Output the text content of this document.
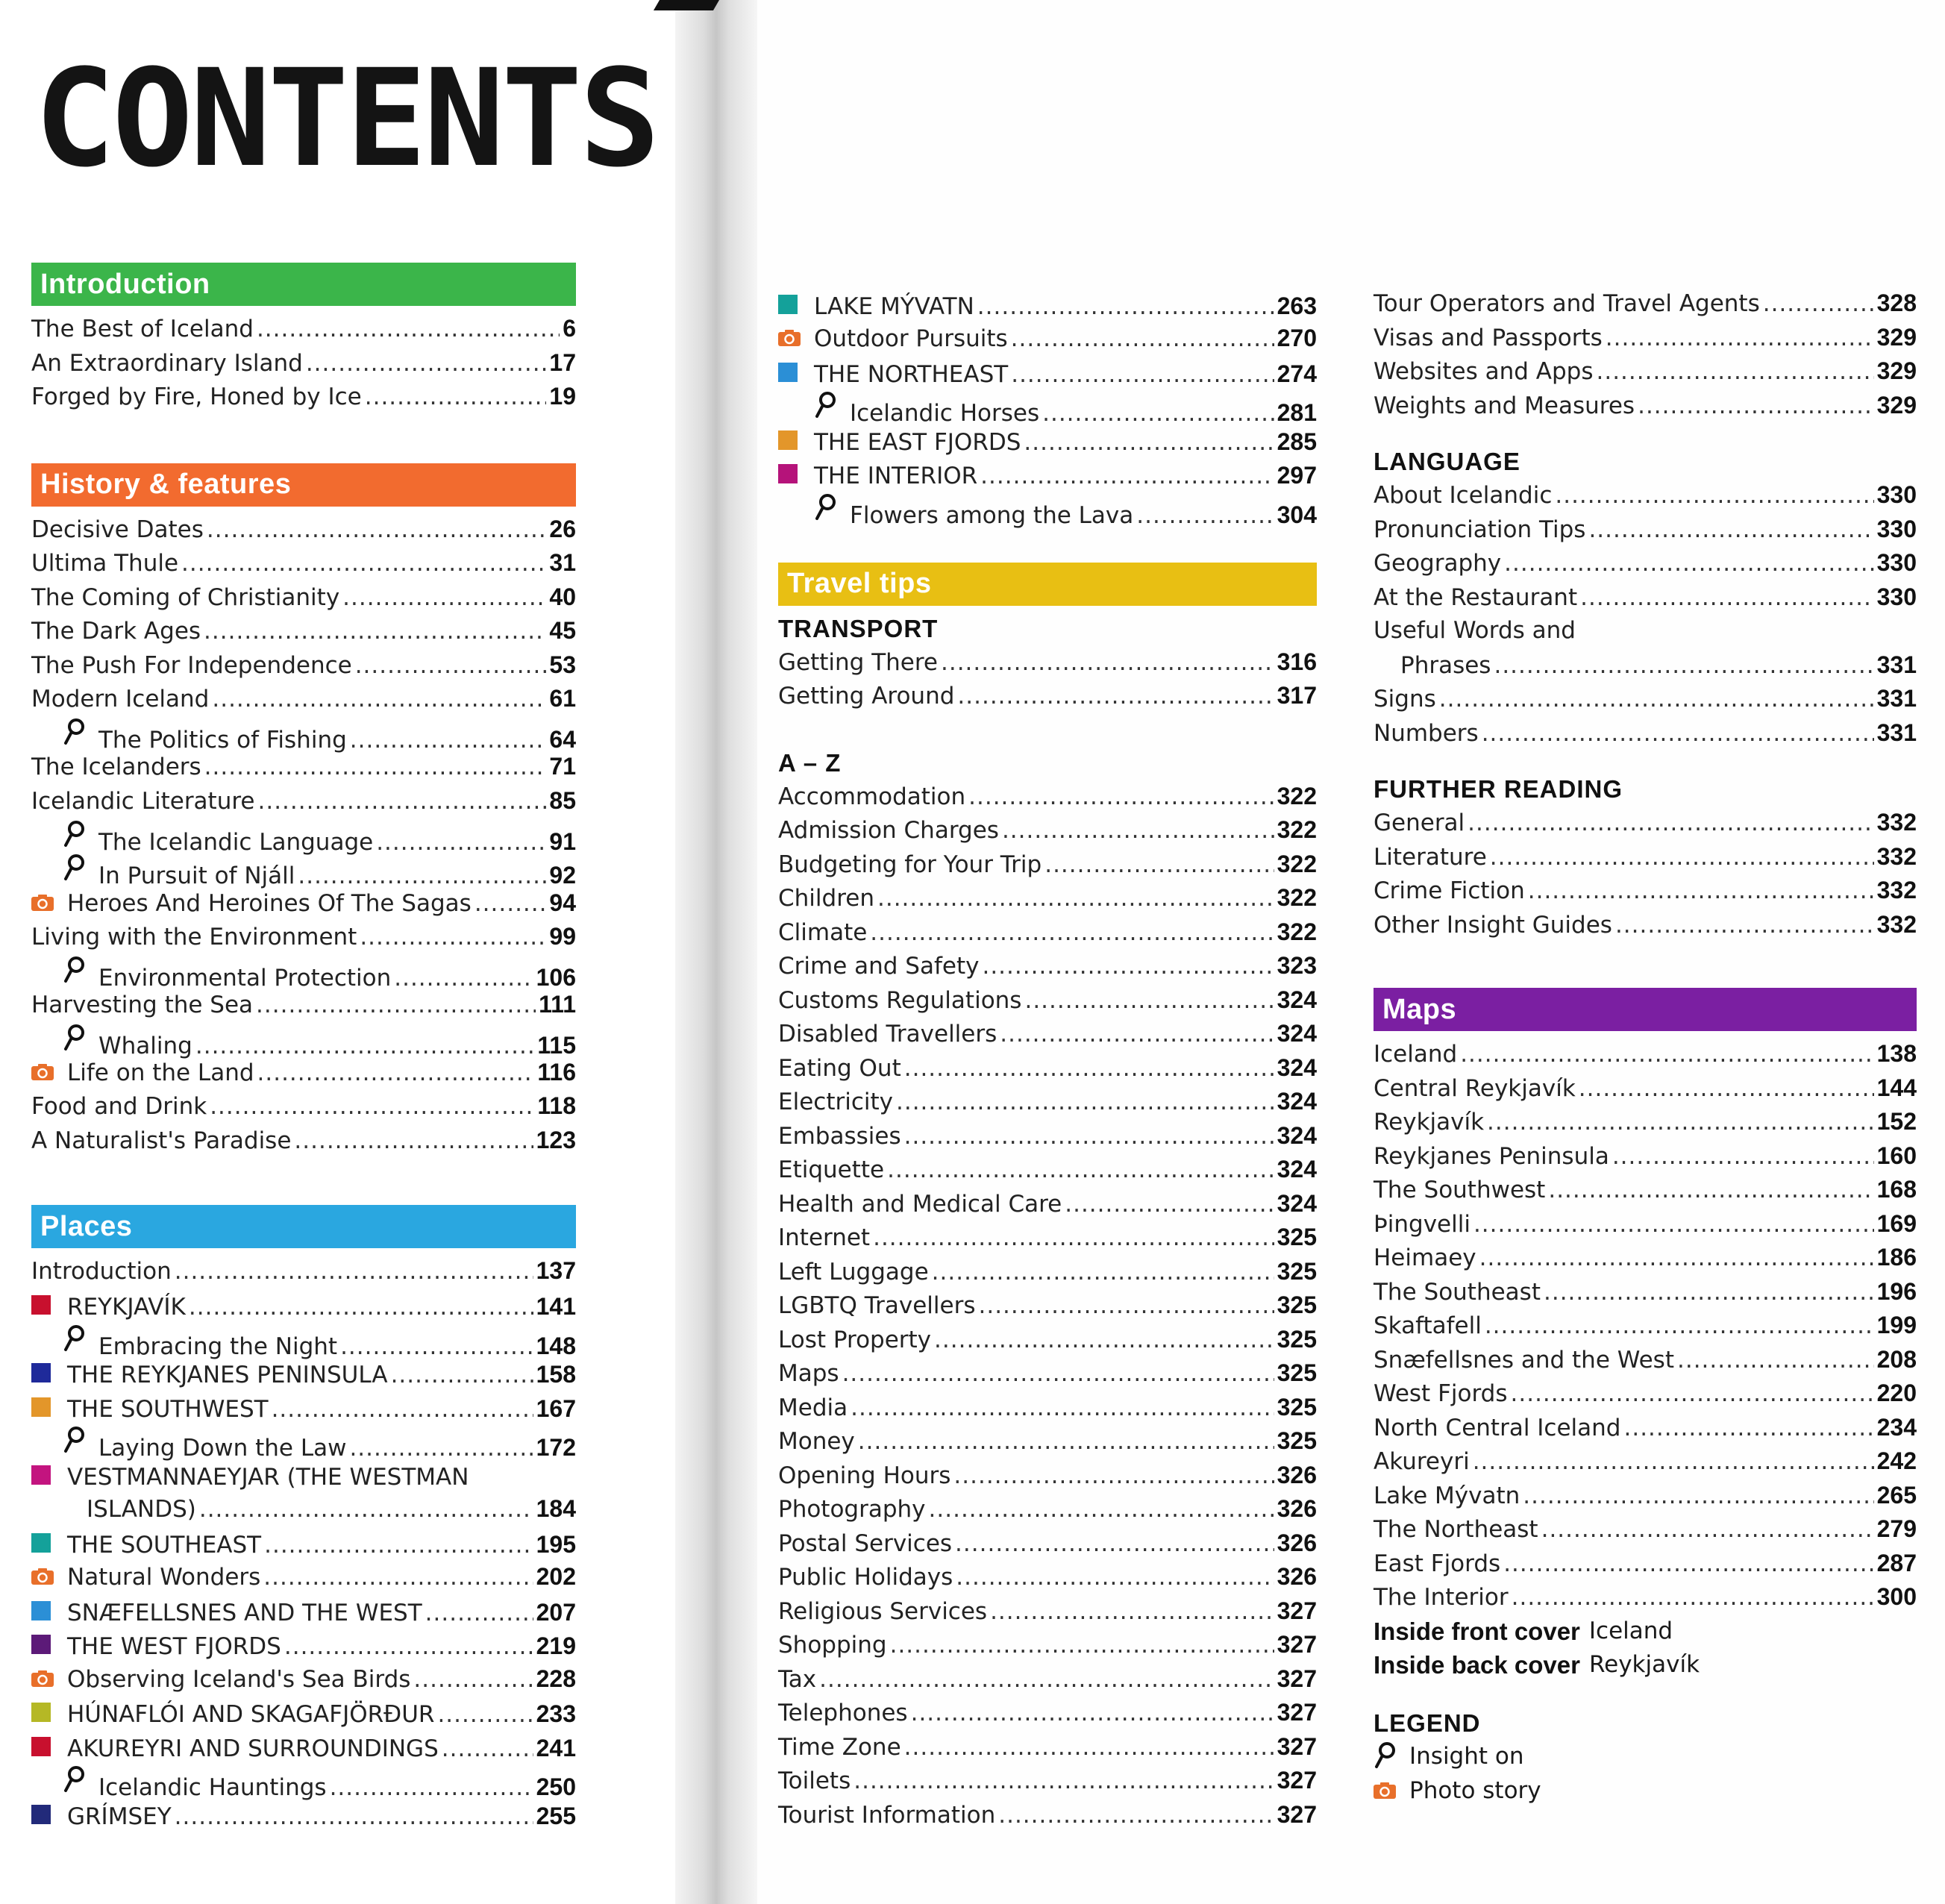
CONTENTS
Introduction
The Best of Iceland .....	6
An Extraordinary Island .....	17
Forged by Fire, Honed by Ice .....	19
History & features
Decisive Dates .....	26
Ultima Thule .....	31
The Coming of Christianity .....	40
The Dark Ages .....	45
The Push For Independence .....	53
Modern Iceland .....	61
The Politics of Fishing .....	64
The Icelanders .....	71
Icelandic Literature .....	85
The Icelandic Language .....	91
In Pursuit of Njáll .....	92
Heroes And Heroines Of The Sagas .....	94
Living with the Environment .....	99
Environmental Protection .....	106
Harvesting the Sea .....	111
Whaling .....	115
Life on the Land .....	116
Food and Drink .....	118
A Naturalist's Paradise .....	123
Places
Introduction .....	137
REYKJAVÍK .....	141
Embracing the Night .....	148
THE REYKJANES PENINSULA .....	158
THE SOUTHWEST .....	167
Laying Down the Law .....	172
VESTMANNAEYJAR (THE WESTMAN
ISLANDS) .....	184
THE SOUTHEAST .....	195
Natural Wonders .....	202
SNÆFELLSNES AND THE WEST .....	207
THE WEST FJORDS .....	219
Observing Iceland's Sea Birds .....	228
HÚNAFLÓI AND SKAGAFJÖRÐUR .....	233
AKUREYRI AND SURROUNDINGS .....	241
Icelandic Hauntings .....	250
GRÍMSEY .....	255
LAKE MÝVATN .....	263
Outdoor Pursuits .....	270
THE NORTHEAST .....	274
Icelandic Horses .....	281
THE EAST FJORDS .....	285
THE INTERIOR .....	297
Flowers among the Lava .....	304
Travel tips
TRANSPORT
Getting There .....	316
Getting Around .....	317
A – Z
Accommodation .....	322
Admission Charges .....	322
Budgeting for Your Trip .....	322
Children .....	322
Climate .....	322
Crime and Safety .....	323
Customs Regulations .....	324
Disabled Travellers .....	324
Eating Out .....	324
Electricity .....	324
Embassies .....	324
Etiquette .....	324
Health and Medical Care .....	324
Internet .....	325
Left Luggage .....	325
LGBTQ Travellers .....	325
Lost Property .....	325
Maps .....	325
Media .....	325
Money .....	325
Opening Hours .....	326
Photography .....	326
Postal Services .....	326
Public Holidays .....	326
Religious Services .....	327
Shopping .....	327
Tax .....	327
Telephones .....	327
Time Zone .....	327
Toilets .....	327
Tourist Information .....	327
Tour Operators and Travel Agents .....	328
Visas and Passports .....	329
Websites and Apps .....	329
Weights and Measures .....	329
LANGUAGE
About Icelandic .....	330
Pronunciation Tips .....	330
Geography .....	330
At the Restaurant .....	330
Useful Words and
Phrases .....	331
Signs .....	331
Numbers .....	331
FURTHER READING
General .....	332
Literature .....	332
Crime Fiction .....	332
Other Insight Guides .....	332
Maps
Iceland .....	138
Central Reykjavík .....	144
Reykjavík .....	152
Reykjanes Peninsula .....	160
The Southwest .....	168
Þingvelli .....	169
Heimaey .....	186
The Southeast .....	196
Skaftafell .....	199
Snæfellsnes and the West .....	208
West Fjords .....	220
North Central Iceland .....	234
Akureyri .....	242
Lake Mývatn .....	265
The Northeast .....	279
East Fjords .....	287
The Interior .....	300
Inside front cover Iceland
Inside back cover Reykjavík
LEGEND
Insight on
Photo story
